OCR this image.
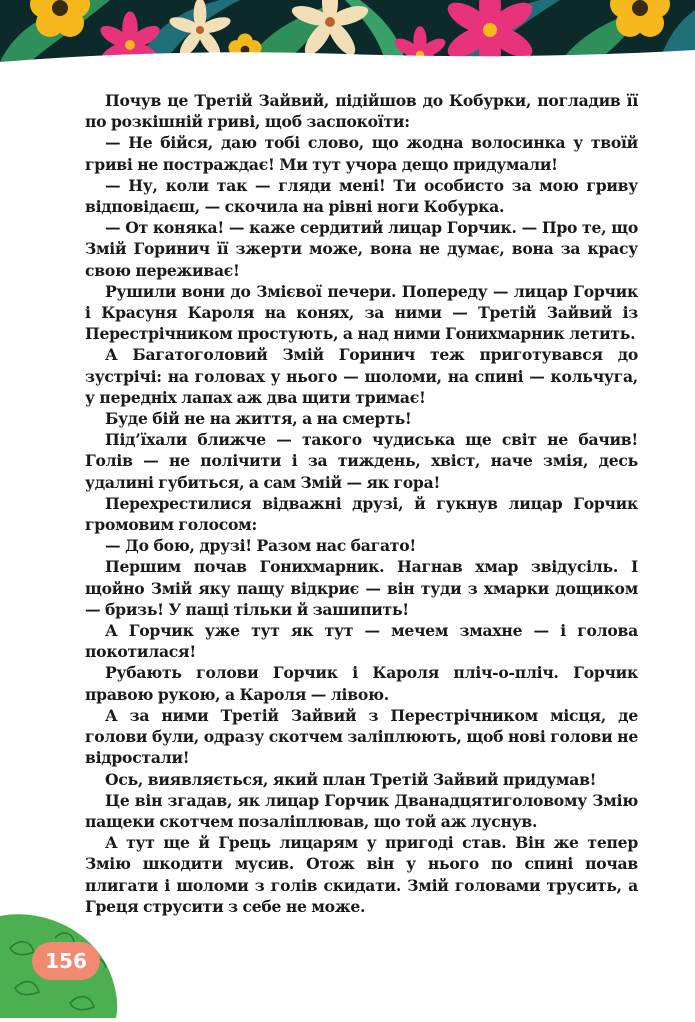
Почув це Третій Зайвий, підійшов до Кобурки, погладив її по розкішній гриві, щоб заспокоїти:

— Не бійся, даю тобі слово, що жодна волосинка у твоїй гриві не постраждає! Ми тут учора дещо придумали!

— Ну, коли так — гляди мені! Ти особисто за мою гриву відповідаєш, — скочила на рівні ноги Кобурка.

— От коняка! — каже сердитий лицар Горчик. — Про те, що Змій Горинич її зжерти може, вона не думає, вона за красу свою переживає!

Рушили вони до Змієвої печери. Попереду — лицар Горчик і Красуня Кароля на конях, за ними — Третій Зайвий із Перестрічником простують, а над ними Гонихмарник летить.

А Багатоголовий Змій Горинич теж приготувався до зустрічі: на головах у нього — шоломи, на спині — кольчуга, у передніх лапах аж два щити тримає!

Буде бій не на життя, а на смерть!

Під’їхали ближче — такого чудиська ще світ не бачив! Голів — не полічити і за тиждень, хвіст, наче змія, десь удалині губиться, а сам Змій — як гора!

Перехрестилися відважні друзі, й гукнув лицар Горчик громовим голосом:

— До бою, друзі! Разом нас багато!

Першим почав Гонихмарник. Нагнав хмар звідусіль. І щойно Змій яку пащу відкриє — він туди з хмарки дощиком — бризь! У пащі тільки й зашипить!

А Горчик уже тут як тут — мечем змахне — і голова покотилася!

Рубають голови Горчик і Кароля пліч-о-пліч. Горчик правою рукою, а Кароля — лівою.

А за ними Третій Зайвий з Перестрічником місця, де голови були, одразу скотчем заліплюють, щоб нові голови не відростали!

Ось, виявляється, який план Третій Зайвий придумав!

Це він згадав, як лицар Горчик Дванадцятиголовому Змію пащеки скотчем позаліплював, що той аж луснув.

А тут ще й Грець лицарям у пригоді став. Він же тепер Змію шкодити мусив. Отож він у нього по спині почав плигати і шоломи з голів скидати. Змій головами трусить, а Греця струсити з себе не може.

156
